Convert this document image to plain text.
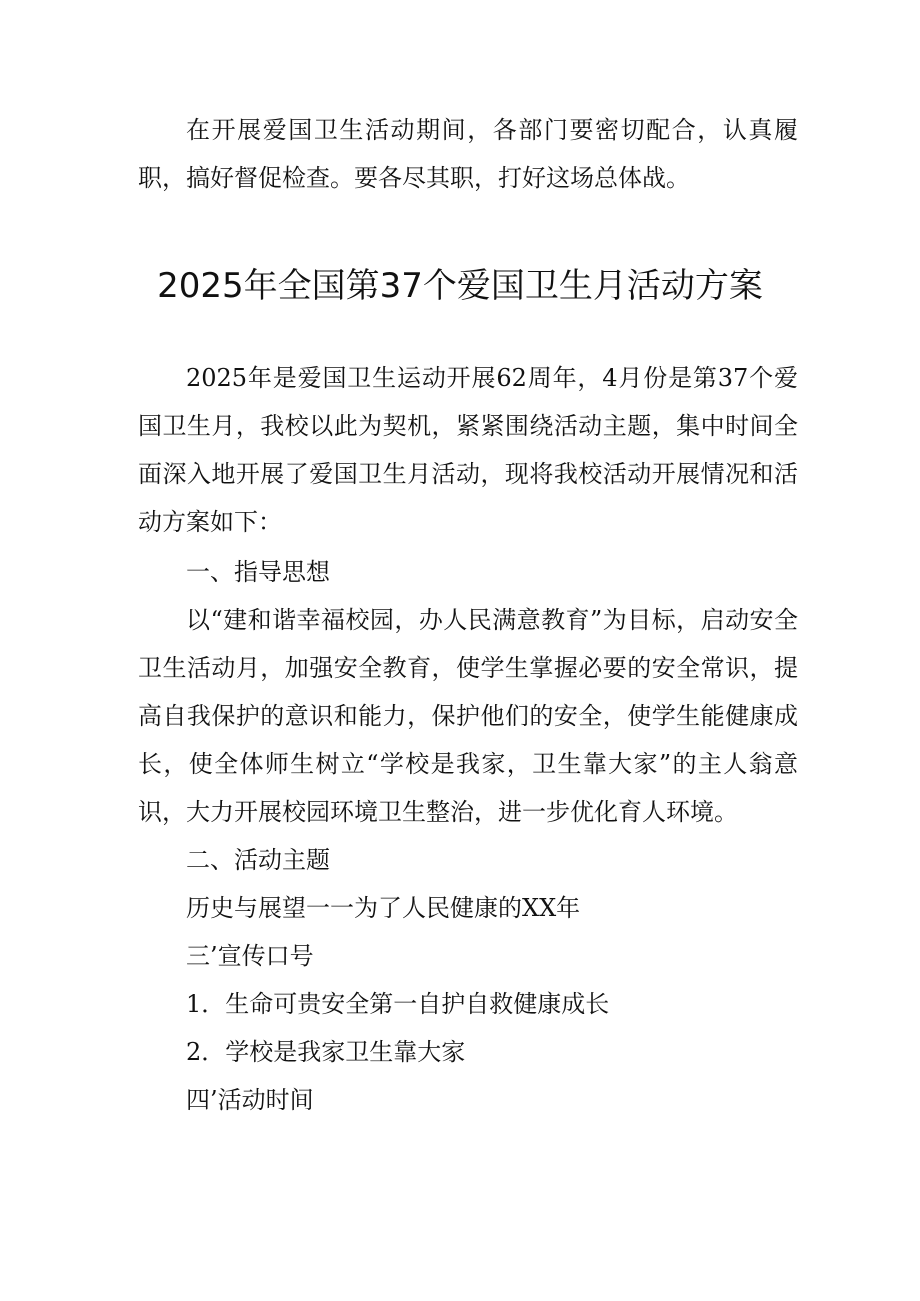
在开展爱国卫生活动期间，各部门要密切配合，认真履职，搞好督促检查。要各尽其职，打好这场总体战。

2025年全国第37个爱国卫生月活动方案

2025年是爱国卫生运动开展62周年，4月份是第37个爱国卫生月，我校以此为契机，紧紧围绕活动主题，集中时间全面深入地开展了爱国卫生月活动，现将我校活动开展情况和活动方案如下：

一、指导思想

以“建和谐幸福校园，办人民满意教育”为目标，启动安全卫生活动月，加强安全教育，使学生掌握必要的安全常识，提高自我保护的意识和能力，保护他们的安全，使学生能健康成长，使全体师生树立“学校是我家，卫生靠大家”的主人翁意识，大力开展校园环境卫生整治，进一步优化育人环境。

二、活动主题

历史与展望一一为了人民健康的XX年

三’宣传口号

1．生命可贵安全第一自护自救健康成长

2．学校是我家卫生靠大家

四’活动时间
